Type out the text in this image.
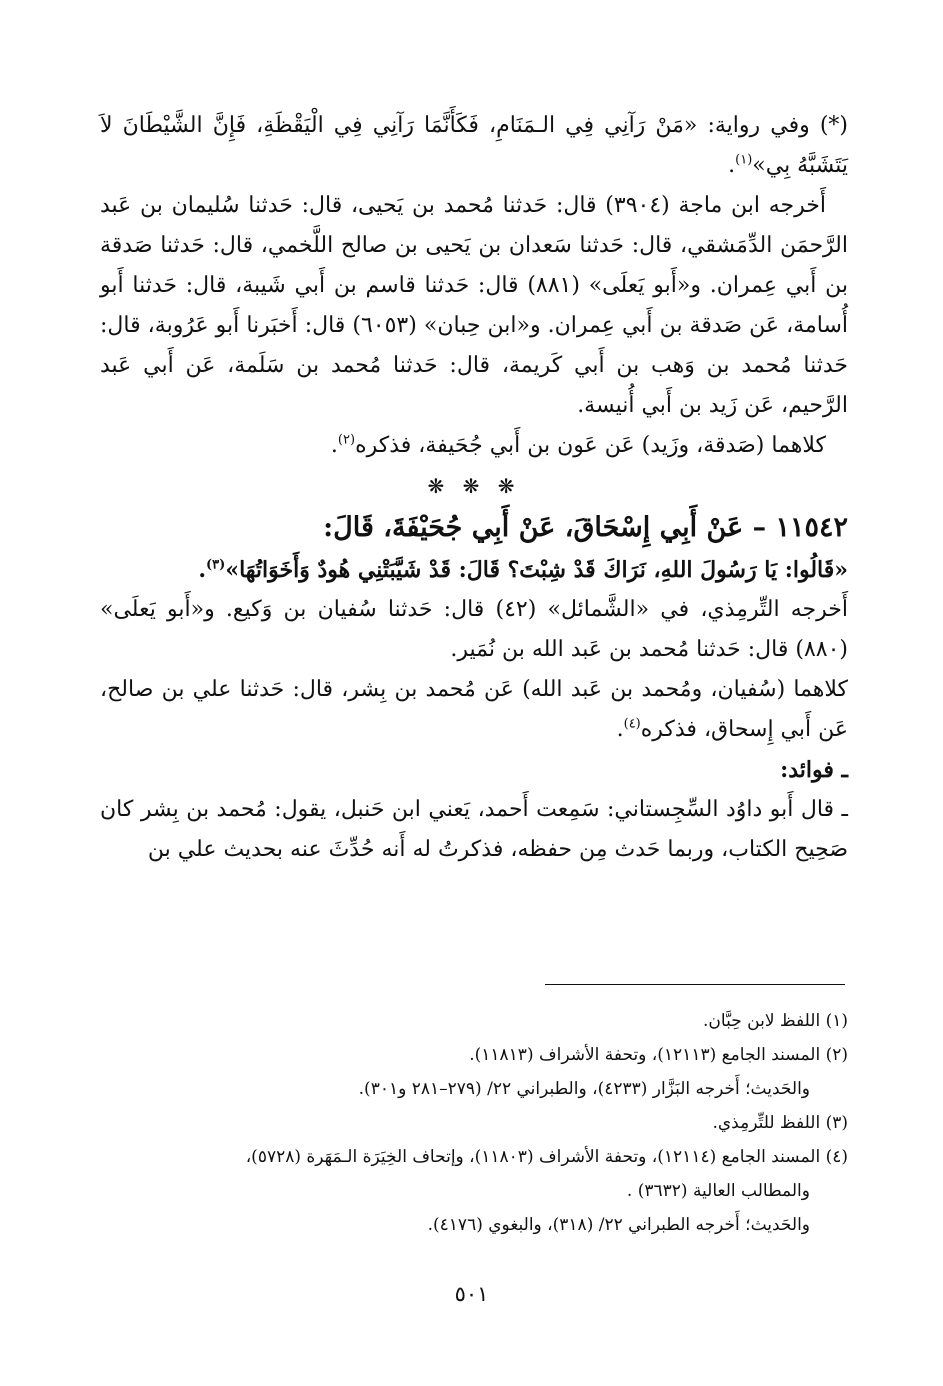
(*) وفي رواية: «مَنْ رَآنِي فِي الـمَنَامِ، فَكَأَنَّمَا رَآنِي فِي الْيَقْظَةِ، فَإِنَّ الشَّيْطَانَ لاَ يَتَشَبَّهُ بِي»$^{(١)}$.

أَخرجه ابن ماجة (٣٩٠٤) قال: حَدثنا مُحمد بن يَحيى، قال: حَدثنا سُليمان بن عَبد الرَّحمَن الدِّمَشقي، قال: حَدثنا سَعدان بن يَحيى بن صالح اللَّخمي، قال: حَدثنا صَدقة بن أَبي عِمران. و«أَبو يَعلَى» (٨٨١) قال: حَدثنا قاسم بن أَبي شَيبة، قال: حَدثنا أَبو أُسامة، عَن صَدقة بن أَبي عِمران. و«ابن حِبان» (٦٠٥٣) قال: أَخبَرنا أَبو عَرُوبة، قال: حَدثنا مُحمد بن وَهب بن أَبي كَريمة، قال: حَدثنا مُحمد بن سَلَمة، عَن أَبي عَبد الرَّحيم، عَن زَيد بن أَبي أُنيسة.

كلاهما (صَدقة، وزَيد) عَن عَون بن أَبي جُحَيفة، فذكره$^{(٢)}$.

❋ ❋ ❋

١١٥٤٢ – عَنْ أَبِي إِسْحَاقَ، عَنْ أَبِي جُحَيْفَةَ، قَالَ:

«قَالُوا: يَا رَسُولَ اللهِ، نَرَاكَ قَدْ شِبْتَ؟ قَالَ: قَدْ شَيَّبَتْنِي هُودٌ وَأَخَوَاتُهَا»$^{(٣)}$.

أَخرجه التِّرمِذي، في «الشَّمائل» (٤٢) قال: حَدثنا سُفيان بن وَكيع. و«أَبو يَعلَى» (٨٨٠) قال: حَدثنا مُحمد بن عَبد الله بن نُمَير.

كلاهما (سُفيان، ومُحمد بن عَبد الله) عَن مُحمد بن بِشر، قال: حَدثنا علي بن صالح، عَن أَبي إِسحاق، فذكره$^{(٤)}$.

ـ فوائد:

ـ قال أَبو داوُد السِّجِستاني: سَمِعت أَحمد، يَعني ابن حَنبل، يقول: مُحمد بن بِشر كان صَحِيح الكتاب، وربما حَدث مِن حفظه، فذكرتُ له أَنه حُدِّثَ عنه بحديث علي بن

(١) اللفظ لابن حِبَّان.

(٢) المسند الجامع (١٢١١٣)، وتحفة الأشراف (١١٨١٣).

والحَديث؛ أَخرجه البَزَّار (٤٢٣٣)، والطبراني ٢٢/ (٢٧٩–٢٨١ و٣٠١).

(٣) اللفظ للتِّرمِذي.

(٤) المسند الجامع (١٢١١٤)، وتحفة الأشراف (١١٨٠٣)، وإتحاف الخِيَرَة الـمَهَرة (٥٧٢٨)،

والمطالب العالية (٣٦٣٢) .

والحَديث؛ أَخرجه الطبراني ٢٢/ (٣١٨)، والبغوي (٤١٧٦).

٥٠١
